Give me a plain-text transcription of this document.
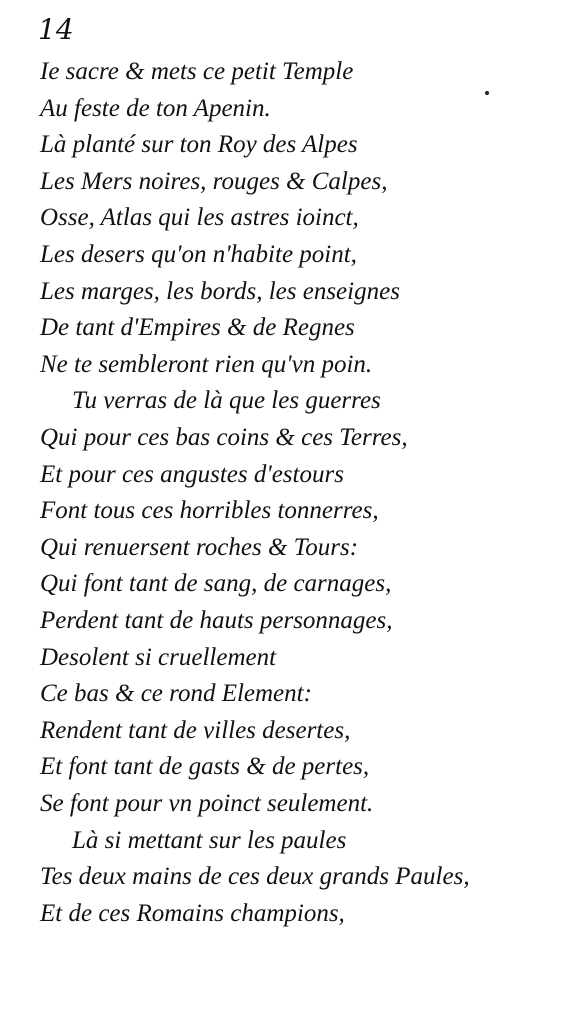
14
Ie sacre & mets ce petit Temple
Au feste de ton Apenin.
Là planté sur ton Roy des Alpes
Les Mers noires, rouges & Calpes,
Osse, Atlas qui les astres ioinct,
Les desers qu'on n'habite point,
Les marges, les bords, les enseignes
De tant d'Empires & de Regnes
Ne te sembleront rien qu'vn poin.
Tu verras de là que les guerres
Qui pour ces bas coins & ces Terres,
Et pour ces angustes d'estours
Font tous ces horribles tonnerres,
Qui renuersent roches & Tours:
Qui font tant de sang, de carnages,
Perdent tant de hauts personnages,
Desolent si cruellement
Ce bas & ce rond Element:
Rendent tant de villes desertes,
Et font tant de gasts & de pertes,
Se font pour vn poinct seulement.
Là si mettant sur les paules
Tes deux mains de ces deux grands Paules,
Et de ces Romains champions,
